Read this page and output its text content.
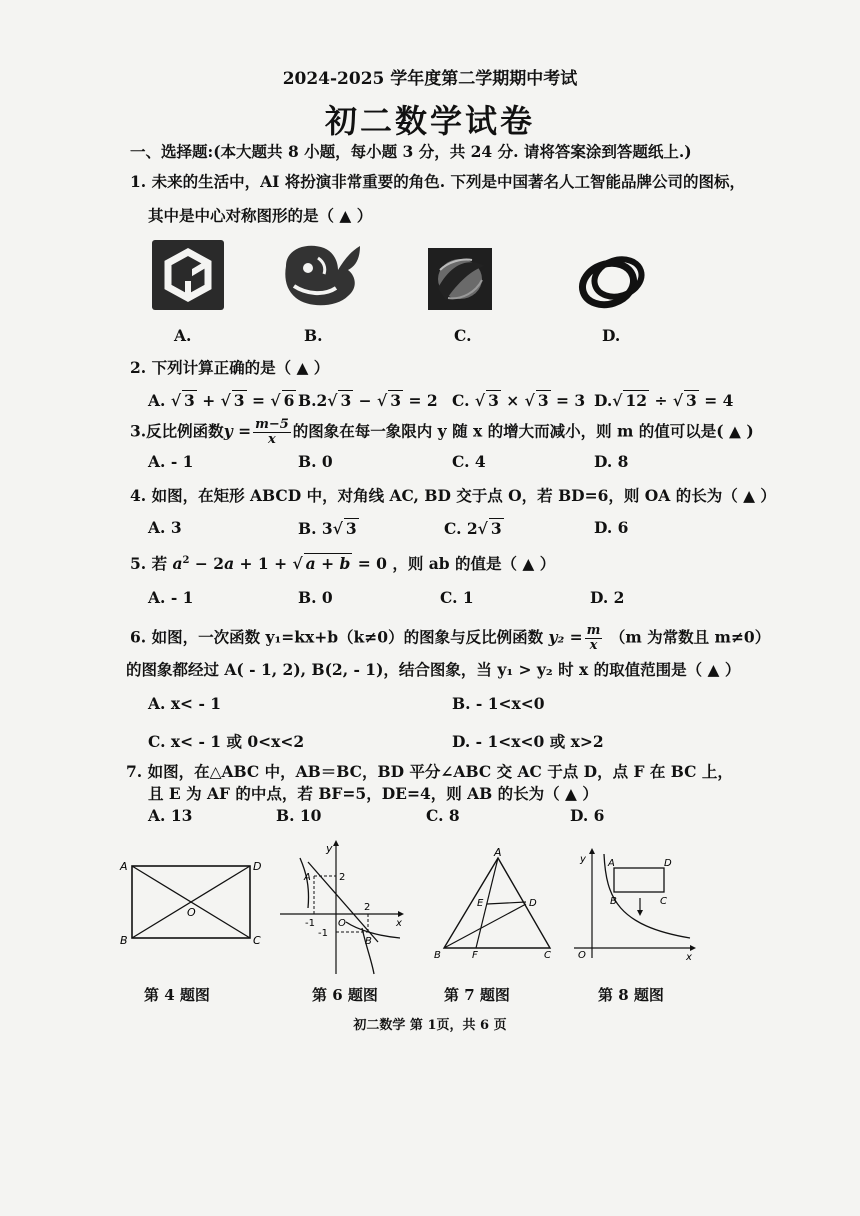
2024-2025 学年度第二学期期中考试
初二数学试卷
一、选择题:(本大题共 8 小题，每小题 3 分，共 24 分. 请将答案涂到答题纸上.)
1. 未来的生活中，AI 将扮演非常重要的角色. 下列是中国著名人工智能品牌公司的图标，
其中是中心对称图形的是（ ▲ ）
A.	B.	C.	D.
2. 下列计算正确的是（ ▲ ）
A. √ 3 + √ 3 = √ 6 B.2√ 3 − √ 3 = 2 C. √ 3 × √ 3 = 3 D.√ 12 ÷ √ 3 = 4
3.反比例函数$y = \frac{m-5}{x}$ 的图象在每一象限内 y 随 x 的增大而减小，则 m 的值可以是( ▲ )
A. - 1	B. 0	C. 4	D. 8
4. 如图，在矩形 ABCD 中，对角线 AC, BD 交于点 O，若 BD=6，则 OA 的长为（ ▲ ）
A. 3	B. 3√ 3	C. 2√ 3	D. 6
5. 若 $a^2 - 2a + 1$ + √ a + b = 0 ，则 ab 的值是（ ▲ ）
A. - 1	B. 0	C. 1	D. 2
6. 如图，一次函数 y₁=kx+b（k≠0）的图象与反比例函数 $y_2 = \frac{m}{x} (m$ 为常数且 m≠0）
的图象都经过 A( - 1, 2), B(2, - 1)，结合图象，当 y₁ > y₂ 时 x 的取值范围是（ ▲ ）
A. x< - 1	B. - 1<x<0
C. x< - 1 或 0<x<2	D. - 1<x<0 或 x>2
7. 如图，在△ABC 中，AB＝BC，BD 平分∠ABC 交 AC 于点 D，点 F 在 BC 上，
且 E 为 AF 的中点，若 BF=5，DE=4，则 AB 的长为（ ▲ ）
A. 13	B. 10	C. 8	D. 6
A	D
B	C
O
第 4 题图
y
A	2
-1 O
2
x
-1
B
第 6 题图
A
E	D
B	F	C
第 7 题图
y A	D
B	C
O	x
第 8 题图
初二数学 第 1页，共 6 页
